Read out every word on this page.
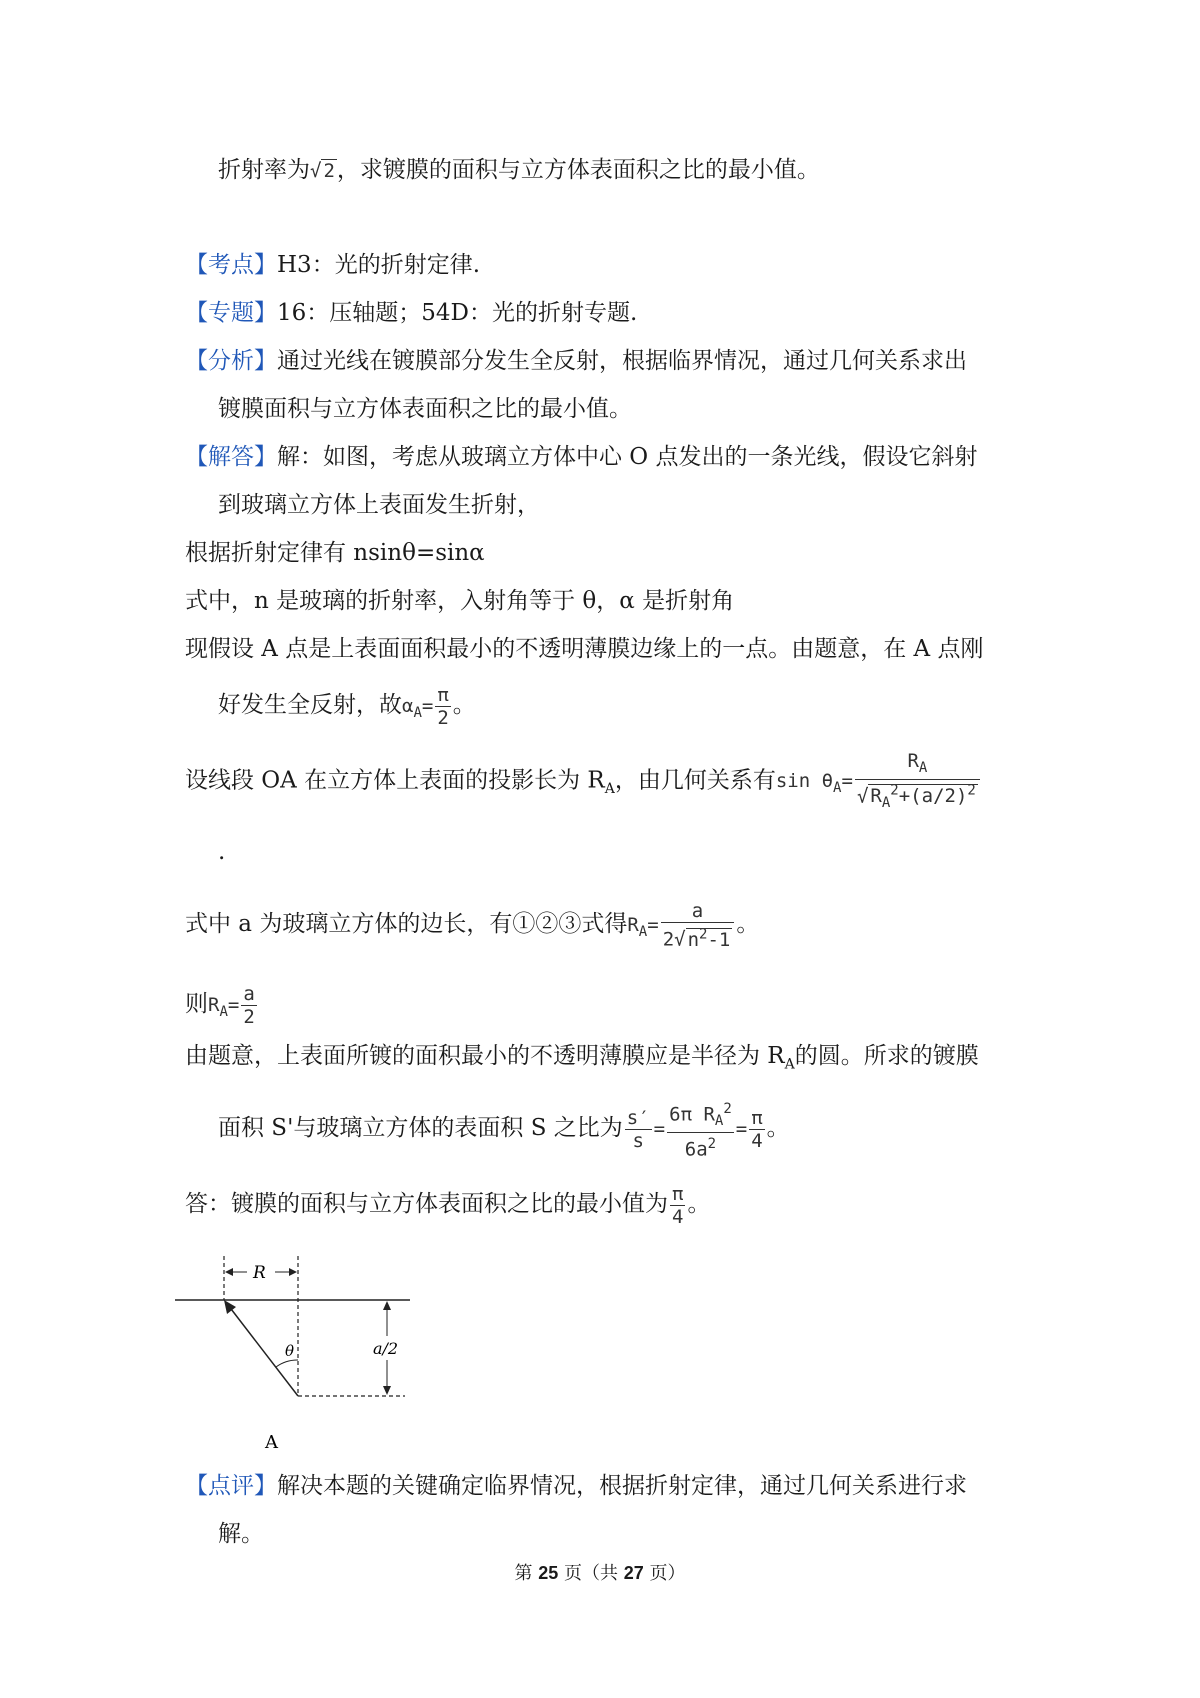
折射率为√ 2，求镀膜的面积与立方体表面积之比的最小值。
【考点】H3：光的折射定律.
【专题】16：压轴题；54D：光的折射专题.
【分析】通过光线在镀膜部分发生全反射，根据临界情况，通过几何关系求出
镀膜面积与立方体表面积之比的最小值。
【解答】解：如图，考虑从玻璃立方体中心 O 点发出的一条光线，假设它斜射
到玻璃立方体上表面发生折射，
根据折射定律有 nsinθ=sinα
式中，n 是玻璃的折射率，入射角等于 θ，α 是折射角
现假设 A 点是上表面面积最小的不透明薄膜边缘上的一点。由题意，在 A 点刚
好发生全反射，故$\alpha_A= \frac{\pi}{2}$ 。
设线段 OA 在立方体上表面的投影长为 $R_A$，由几何关系有$\sin \theta_A= \frac{R_A}{√ R_A^2+(a/2)^2}$
.
式中 a 为玻璃立方体的边长，有①②③式得$R_A= \frac{a}{2√ n^2-1}$ 。
则$R_A= \frac{a}{2}$
由题意，上表面所镀的面积最小的不透明薄膜应是半径为 $R_A$的圆。所求的镀膜
面积 S'与玻璃立方体的表面积 S 之比为 $\frac{s'}{s} = \frac{6\pi R_A^2}{6a^2} = \frac{\pi}{4}$ 。
答：镀膜的面积与立方体表面积之比的最小值为 $\frac{\pi}{4}$ 。
R
θ	a/2
A
【点评】解决本题的关键确定临界情况，根据折射定律，通过几何关系进行求
解。
第 25 页（共 27 页）
